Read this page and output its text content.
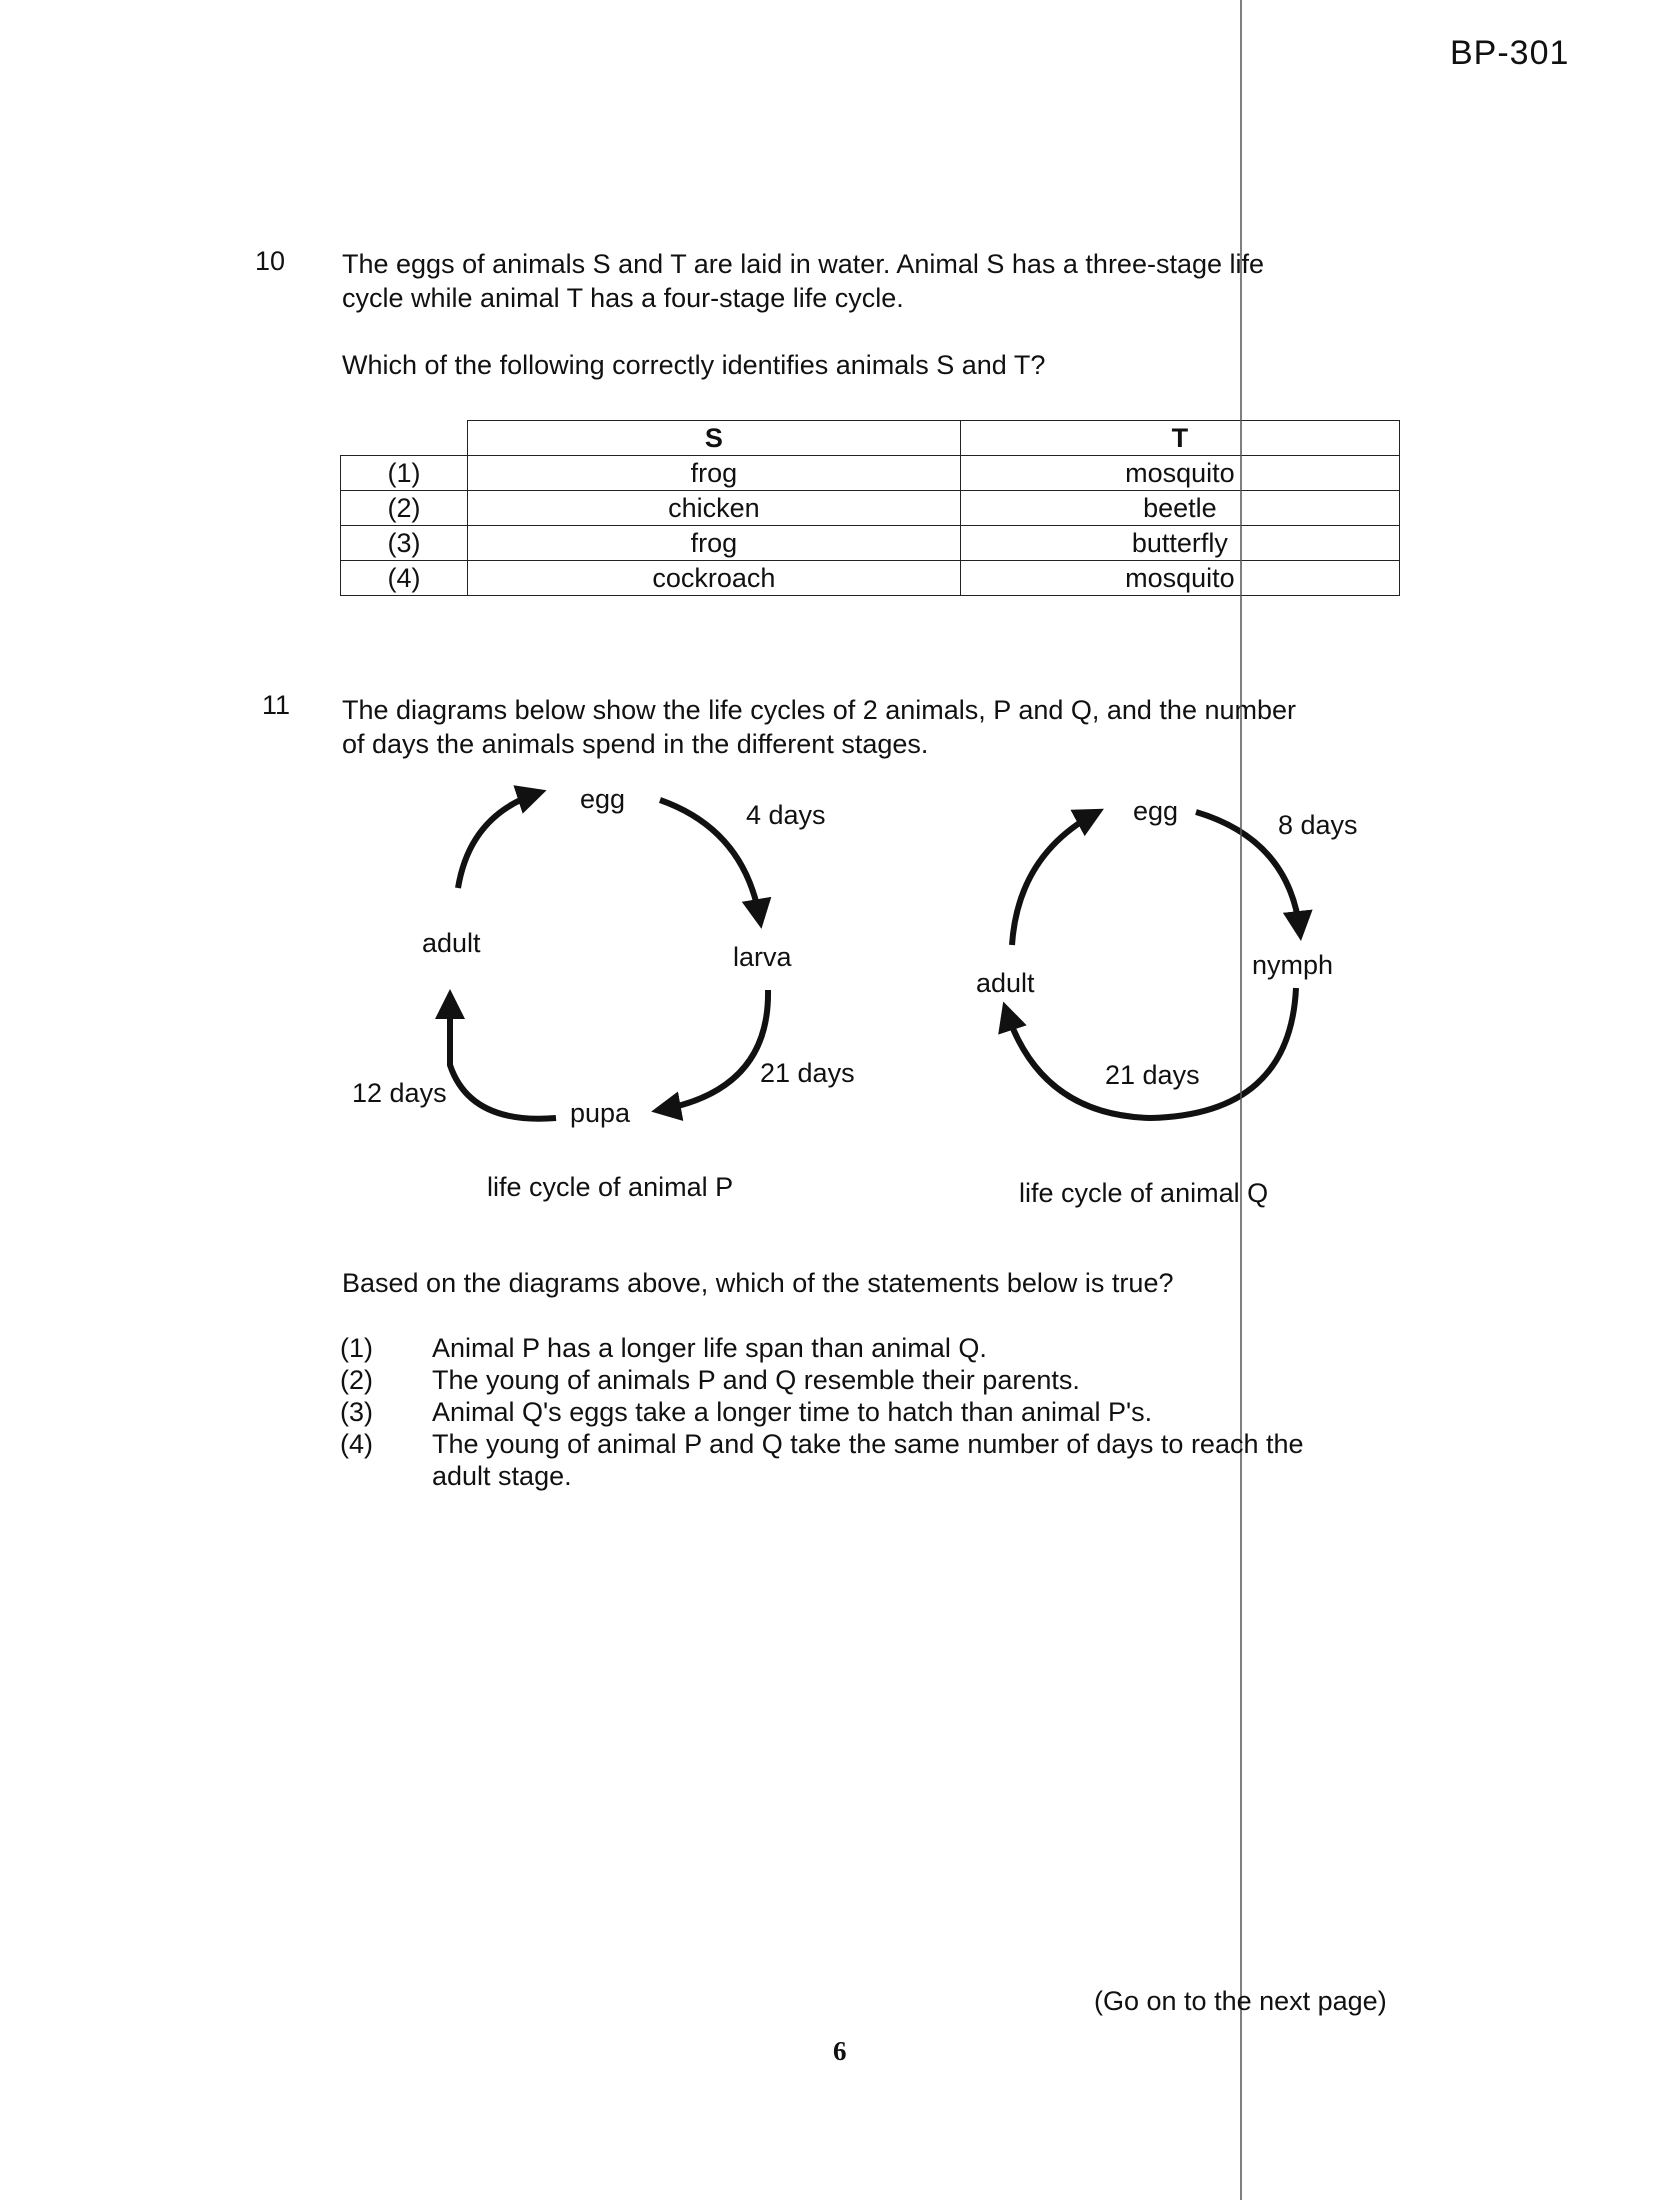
BP-301
10 The eggs of animals S and T are laid in water. Animal S has a three-stage life
cycle while animal T has a four-stage life cycle.
Which of the following correctly identifies animals S and T?
	S	T
(1)	frog	mosquito
(2)	chicken	beetle
(3)	frog	butterfly
(4)	cockroach	mosquito
11 The diagrams below show the life cycles of 2 animals, P and Q, and the number
of days the animals spend in the different stages.
egg
4 days
adult	larva
21 days
12 days
pupa
life cycle of animal P
egg	8 days
nymph
adult
21 days
life cycle of animal Q
Based on the diagrams above, which of the statements below is true?
(1) Animal P has a longer life span than animal Q.
(2) The young of animals P and Q resemble their parents.
(3) Animal Q's eggs take a longer time to hatch than animal P's.
(4) The young of animal P and Q take the same number of days to reach the
adult stage.
(Go on to the next page)
6
